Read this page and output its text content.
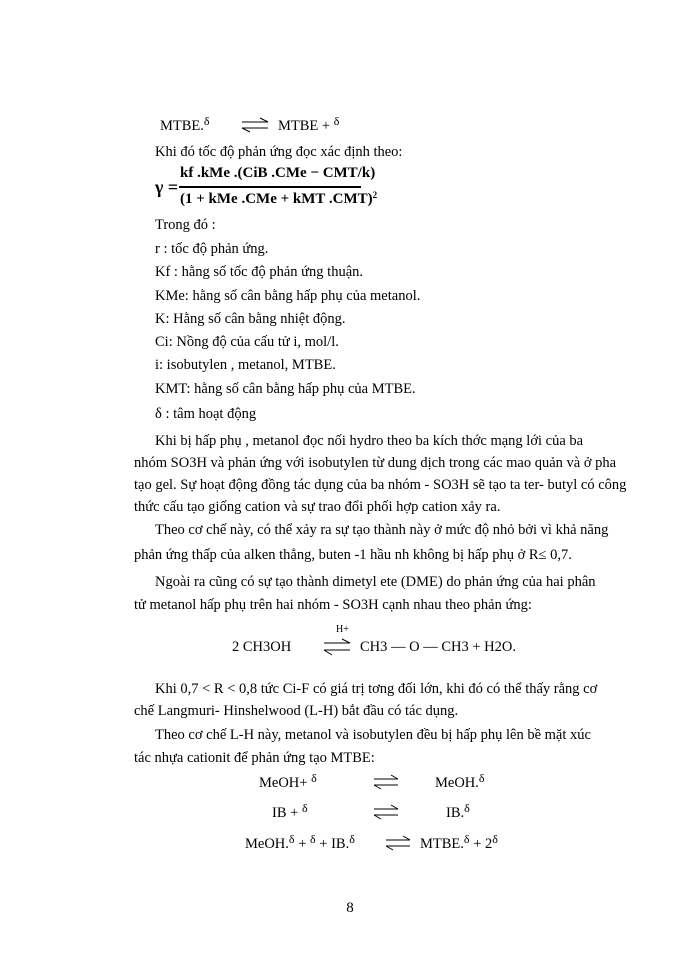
MTBE.$^\delta$ ⇌ MTBE + $^\delta$
Khi đó tốc độ phản ứng đọc xác định theo:
γ =
kf .kMe .(CiB .CMe − CMT/k)
(1 + kMe .CMe + kMT .CMT)$^2$
Trong đó :
r : tốc độ phản ứng.
Kf : hằng số tốc độ phản ứng thuận.
KMe: hằng số cân bằng hấp phụ của metanol.
K: Hằng số cân bằng nhiệt động.
Ci: Nồng độ của cấu tử i, mol/l.
i: isobutylen , metanol, MTBE.
KMT: hằng số cân bằng hấp phụ của MTBE.
δ : tâm hoạt động
Khi bị hấp phụ , metanol đọc nối hydro theo ba kích thớc mạng lới của ba
nhóm SO3H và phản ứng với isobutylen từ dung dịch trong các mao quản và ở pha
tạo gel. Sự hoạt động đồng tác dụng của ba nhóm - SO3H sẽ tạo ta ter- butyl có công
thức cấu tạo giống cation và sự trao đổi phối hợp cation xảy ra.
Theo cơ chế này, có thể xảy ra sự tạo thành này ở mức độ nhỏ bởi vì khả năng
phản ứng thấp của alken thẳng, buten -1 hầu nh không bị hấp phụ ở R≤ 0,7.
Ngoài ra cũng có sự tạo thành dimetyl ete (DME) do phản ứng của hai phân
tử metanol hấp phụ trên hai nhóm - SO3H cạnh nhau theo phản ứng:
2 CH3OH
H+
⇌ CH3 — O — CH3 + H2O.
Khi 0,7 < R < 0,8 tức Ci-F có giá trị tơng đối lớn, khi đó có thể thấy rằng cơ
chế Langmuri- Hinshelwood (L-H) bắt đầu có tác dụng.
Theo cơ chế L-H này, metanol và isobutylen đều bị hấp phụ lên bề mặt xúc
tác nhựa cationit để phản ứng tạo MTBE:
MeOH+ $^\delta$	MeOH.$^\delta$
IB + $^\delta$	IB.$^\delta$
MeOH.$^\delta$ + $^\delta$ + IB.$^\delta$ ⇌ MTBE.$^\delta$ + $2^\delta$
8
